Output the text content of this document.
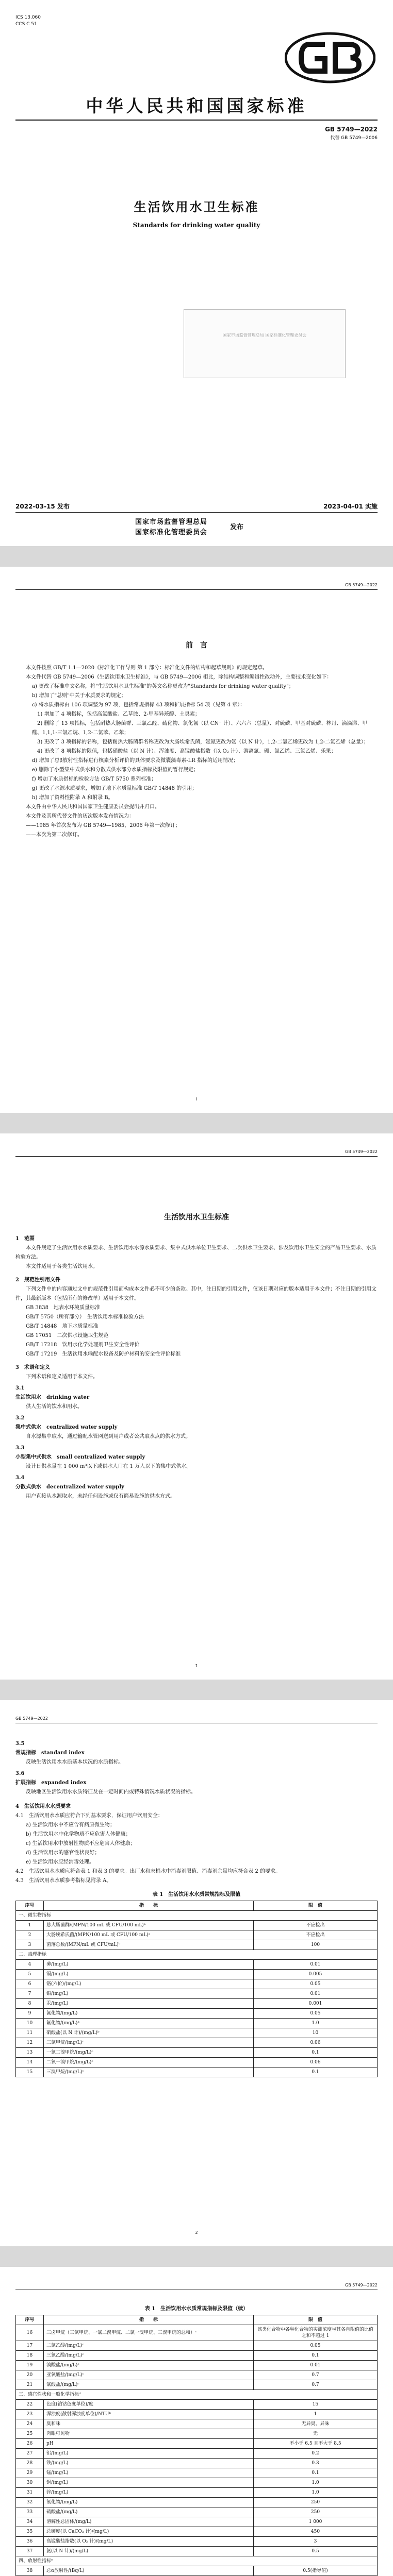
ICS 13.060
CCS C 51
中华人民共和国国家标准
GB 5749—2022
代替 GB 5749—2006
生活饮用水卫生标准
Standards for drinking water quality
国家市场监督管理总局 国家标准化管理委员会
2022-03-15 发布	2023-04-01 实施
国家市场监督管理总局
国家标准化管理委员会
发布
GB 5749—2022
前　言

本文件按照 GB/T 1.1—2020《标准化工作导则 第 1 部分：标准化文件的结构和起草规则》的规定起草。

本文件代替 GB 5749—2006《生活饮用水卫生标准》，与 GB 5749—2006 相比，除结构调整和编辑性改动外，主要技术变化如下：

a) 更改了标准中文名称，将"生活饮用水卫生标准"的英文名称更改为"Standards for drinking water quality"；

b) 增加了"总则"中关于水质要求的规定；

c) 将水质指标由 106 项调整为 97 项，包括常规指标 43 项和扩展指标 54 项（见第 4 章）：

　1) 增加了 4 项指标，包括高氯酸盐、乙草胺、2-甲基异莰醇、土臭素；

　2) 删除了 13 项指标，包括耐热大肠菌群、三氯乙醛、硫化物、氯化氰（以 CN⁻ 计）、六六六（总量）、对硫磷、甲基对硫磷、林丹、滴滴涕、甲醛、1,1,1-三氯乙烷、1,2-二氯苯、乙苯；

　3) 更改了 3 项指标的名称，包括耐热大肠菌群名称更改为大肠埃希氏菌，氨氮更改为氨（以 N 计），1,2-二氯乙烯更改为 1,2-二氯乙烯（总量）；

　4) 更改了 8 项指标的限值，包括硝酸盐（以 N 计）、浑浊度、高锰酸盐指数（以 O₂ 计）、游离氯、硼、氯乙烯、三氯乙烯、乐果；

d) 增加了总β放射性指标进行核素分析评价的具体要求及微囊藻毒素-LR 指标的适用情况；

e) 删除了小型集中式供水和分散式供水部分水质指标及限值的暂行规定；

f) 增加了水质指标的检验方法 GB/T 5750 系列标准；

g) 更改了水源水质要求，增加了地下水质量标准 GB/T 14848 的引用；

h) 增加了资料性附录 A 和附录 B。

本文件由中华人民共和国国家卫生健康委员会提出并归口。

本文件及其所代替文件的历次版本发布情况为：

——1985 年首次发布为 GB 5749—1985，2006 年第一次修订；

——本次为第二次修订。

I
GB 5749—2022
生活饮用水卫生标准

1　范围

本文件规定了生活饮用水水质要求、生活饮用水水源水质要求、集中式供水单位卫生要求、二次供水卫生要求、涉及饮用水卫生安全的产品卫生要求、水质检验方法。

本文件适用于各类生活饮用水。

2　规范性引用文件

下列文件中的内容通过文中的规范性引用而构成本文件必不可少的条款。其中，注日期的引用文件，仅该日期对应的版本适用于本文件；不注日期的引用文件，其最新版本（包括所有的修改单）适用于本文件。

GB 3838　地表水环境质量标准

GB/T 5750（所有部分）　生活饮用水标准检验方法

GB/T 14848　地下水质量标准

GB 17051　二次供水设施卫生规范

GB/T 17218　饮用水化学处理剂卫生安全性评价

GB/T 17219　生活饮用水输配水设备及防护材料的安全性评价标准

3　术语和定义

下列术语和定义适用于本文件。

3.1
生活饮用水　 drinking water

供人生活的饮水和用水。

3.2
集中式供水　 centralized water supply

自水源集中取水，通过输配水管网送到用户或者公共取水点的供水方式。

3.3
小型集中式供水　 small centralized water supply

设计日供水量在 1 000 m³以下或供水人口在 1 万人以下的集中式供水。

3.4
分散式供水　 decentralized water supply

用户直接从水源取水，未经任何设施或仅有简易设施的供水方式。

1
GB 5749—2022

3.5
常规指标　 standard index

反映生活饮用水水质基本状况的水质指标。

3.6
扩展指标　 expanded index

反映地区生活饮用水水质特征及在一定时间内或特殊情况水质状况的指标。

4　生活饮用水水质要求

4.1　生活饮用水水质应符合下列基本要求，保证用户饮用安全：

a) 生活饮用水中不应含有病原微生物；

b) 生活饮用水中化学物质不应危害人体健康；

c) 生活饮用水中放射性物质不应危害人体健康；

d) 生活饮用水的感官性状良好；

e) 生活饮用水应经消毒处理。

4.2　生活饮用水水质应符合表 1 和表 3 的要求。出厂水和末梢水中消毒剂限值、消毒剂余量均应符合表 2 的要求。

4.3　生活饮用水水质参考指标见附录 A。

表 1　生活饮用水水质常规指标及限值

序号	指　　标	限　值
一、微生物指标		
1	总大肠菌群/(MPN/100 mL 或 CFU/100 mL)ᵃ	不应检出
2	大肠埃希氏菌/(MPN/100 mL 或 CFU/100 mL)ᵃ	不应检出
3	菌落总数/(MPN/mL 或 CFU/mL)ᵇ	100
二、毒理指标		
4	砷/(mg/L)	0.01
5	镉/(mg/L)	0.005
6	铬(六价)/(mg/L)	0.05
7	铅/(mg/L)	0.01
8	汞/(mg/L)	0.001
9	氰化物/(mg/L)	0.05
10	氟化物/(mg/L)ᵇ	1.0
11	硝酸盐(以 N 计)/(mg/L)ᵇ	10
12	三氯甲烷/(mg/L)ᶜ	0.06
13	一氯二溴甲烷/(mg/L)ᶜ	0.1
14	二氯一溴甲烷/(mg/L)ᶜ	0.06
15	三溴甲烷/(mg/L)ᶜ	0.1
2
GB 5749—2022

表 1　生活饮用水水质常规指标及限值（续）

序号	指　　标	限　值
16	三卤甲烷（三氯甲烷、一氯二溴甲烷、二氯一溴甲烷、三溴甲烷的总和）ᶜ	该类化合物中各种化合物的实测浓度与其各自限值的比值之和不超过 1
17	二氯乙酸/(mg/L)ᶜ	0.05
18	三氯乙酸/(mg/L)ᶜ	0.1
19	溴酸盐/(mg/L)ᶜ	0.01
20	亚氯酸盐/(mg/L)ᶜ	0.7
21	氯酸盐/(mg/L)ᶜ	0.7
三、感官性状和一般化学指标ᵈ		
22	色度(铂钴色度单位)/度	15
23	浑浊度(散射浑浊度单位)/NTUᵇ	1
24	臭和味	无异臭、异味
25	肉眼可见物	无
26	pH	不小于 6.5 且不大于 8.5
27	铝/(mg/L)	0.2
28	铁/(mg/L)	0.3
29	锰/(mg/L)	0.1
30	铜/(mg/L)	1.0
31	锌/(mg/L)	1.0
32	氯化物/(mg/L)	250
33	硫酸盐/(mg/L)	250
34	溶解性总固体/(mg/L)	1 000
35	总硬度(以 CaCO₃ 计)/(mg/L)	450
36	高锰酸盐指数(以 O₂ 计)/(mg/L)	3
37	氨(以 N 计)/(mg/L)	0.5
四、放射性指标ᵉ		
38	总α放射性/(Bq/L)	0.5(指导值)
